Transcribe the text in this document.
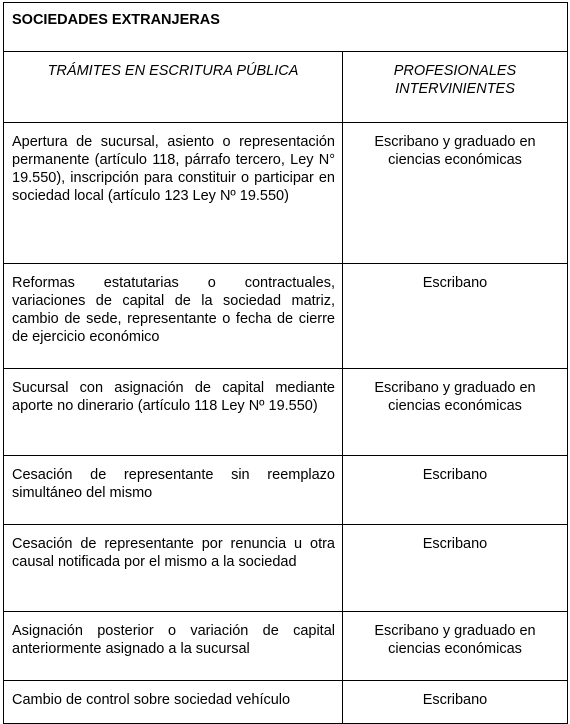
SOCIEDADES EXTRANJERAS	
TRÁMITES EN ESCRITURA PÚBLICA	PROFESIONALES INTERVINIENTES
Apertura de sucursal, asiento o representación permanente (artículo 118, párrafo tercero, Ley N° 19.550), inscripción para constituir o participar en sociedad local (artículo 123 Ley Nº 19.550)	Escribano y graduado en ciencias económicas
Reformas estatutarias o contractuales, variaciones de capital de la sociedad matriz, cambio de sede, representante o fecha de cierre de ejercicio económico	Escribano
Sucursal con asignación de capital mediante aporte no dinerario (artículo 118 Ley Nº 19.550)	Escribano y graduado en ciencias económicas
Cesación de representante sin reemplazo simultáneo del mismo	Escribano
Cesación de representante por renuncia u otra causal notificada por el mismo a la sociedad	Escribano
Asignación posterior o variación de capital anteriormente asignado a la sucursal	Escribano y graduado en ciencias económicas
Cambio de control sobre sociedad vehículo	Escribano
